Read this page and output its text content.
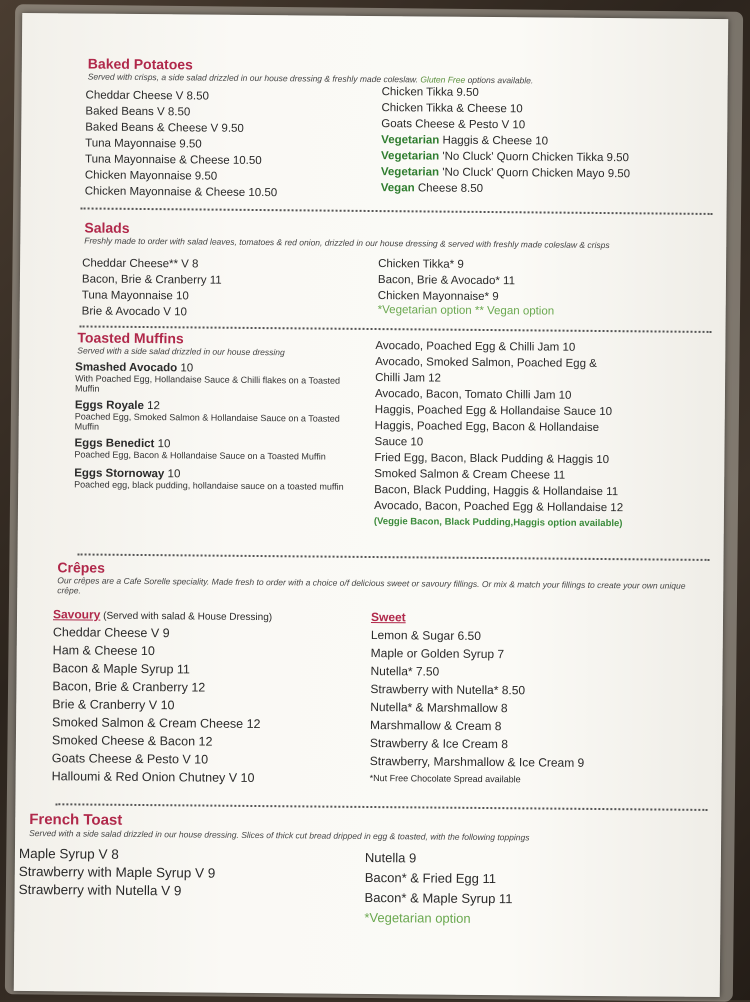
Baked Potatoes
Served with crisps, a side salad drizzled in our house dressing & freshly made coleslaw. Gluten Free options available.
Cheddar Cheese V 8.50
Baked Beans V 8.50
Baked Beans & Cheese V 9.50
Tuna Mayonnaise 9.50
Tuna Mayonnaise & Cheese 10.50
Chicken Mayonnaise 9.50
Chicken Mayonnaise & Cheese 10.50
Chicken Tikka 9.50
Chicken Tikka & Cheese 10
Goats Cheese & Pesto V 10
Vegetarian Haggis & Cheese 10
Vegetarian 'No Cluck' Quorn Chicken Tikka 9.50
Vegetarian 'No Cluck' Quorn Chicken Mayo 9.50
Vegan Cheese 8.50
Salads
Freshly made to order with salad leaves, tomatoes & red onion, drizzled in our house dressing & served with freshly made coleslaw & crisps
Cheddar Cheese** V 8
Bacon, Brie & Cranberry 11
Tuna Mayonnaise 10
Brie & Avocado V 10
Chicken Tikka* 9
Bacon, Brie & Avocado* 11
Chicken Mayonnaise* 9
*Vegetarian option ** Vegan option
Toasted Muffins
Served with a side salad drizzled in our house dressing
Smashed Avocado 10
With Poached Egg, Hollandaise Sauce & Chilli flakes on a Toasted Muffin
Eggs Royale 12
Poached Egg, Smoked Salmon & Hollandaise Sauce on a Toasted Muffin
Eggs Benedict 10
Poached Egg, Bacon & Hollandaise Sauce on a Toasted Muffin
Eggs Stornoway 10
Poached egg, black pudding, hollandaise sauce on a toasted muffin
Avocado, Poached Egg & Chilli Jam 10
Avocado, Smoked Salmon, Poached Egg &
Chilli Jam 12
Avocado, Bacon, Tomato Chilli Jam 10
Haggis, Poached Egg & Hollandaise Sauce 10
Haggis, Poached Egg, Bacon & Hollandaise
Sauce 10
Fried Egg, Bacon, Black Pudding & Haggis 10
Smoked Salmon & Cream Cheese 11
Bacon, Black Pudding, Haggis & Hollandaise 11
Avocado, Bacon, Poached Egg & Hollandaise 12
(Veggie Bacon, Black Pudding,Haggis option available)
Crêpes
Our crêpes are a Cafe Sorelle speciality. Made fresh to order with a choice o/f delicious sweet or savoury fillings. Or mix & match your fillings to create your own unique crêpe.
Savoury (Served with salad & House Dressing)
Cheddar Cheese V 9
Ham & Cheese 10
Bacon & Maple Syrup 11
Bacon, Brie & Cranberry 12
Brie & Cranberry V 10
Smoked Salmon & Cream Cheese 12
Smoked Cheese & Bacon 12
Goats Cheese & Pesto V 10
Halloumi & Red Onion Chutney V 10
Sweet
Lemon & Sugar 6.50
Maple or Golden Syrup 7
Nutella* 7.50
Strawberry with Nutella* 8.50
Nutella* & Marshmallow 8
Marshmallow & Cream 8
Strawberry & Ice Cream 8
Strawberry, Marshmallow & Ice Cream 9
*Nut Free Chocolate Spread available
French Toast
Served with a side salad drizzled in our house dressing. Slices of thick cut bread dripped in egg & toasted, with the following toppings
Maple Syrup V 8
Strawberry with Maple Syrup V 9
Strawberry with Nutella V 9
Nutella 9
Bacon* & Fried Egg 11
Bacon* & Maple Syrup 11
*Vegetarian option
